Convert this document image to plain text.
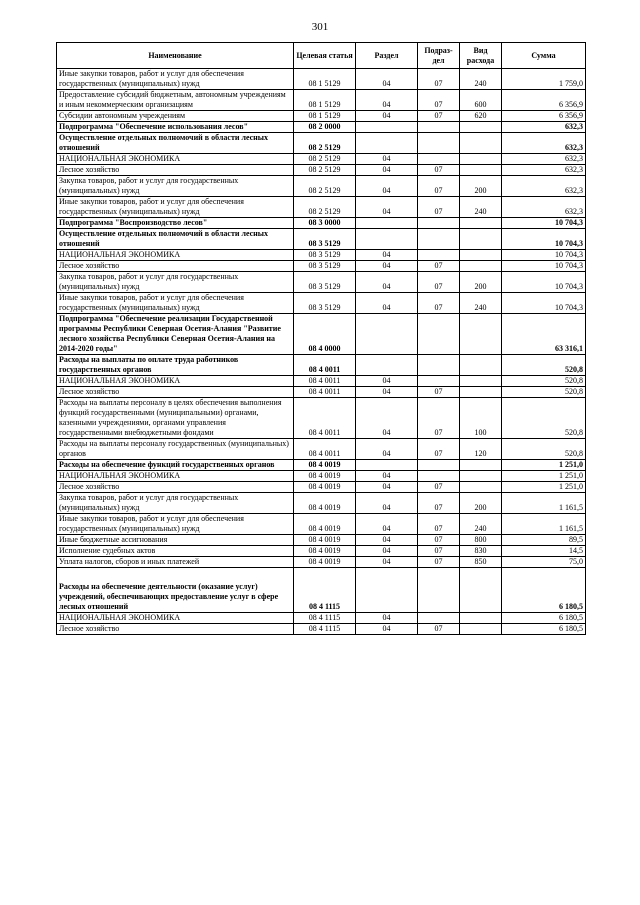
301
Наименование	Целевая статья	Раздел	Подраз-дел	Вид расхода	Сумма
Иные закупки товаров, работ и услуг для обеспечения государственных (муниципальных) нужд	08 1 5129	04	07	240	1 759,0
Предоставление субсидий бюджетным, автономным учреждениям и иным некоммерческим организациям	08 1 5129	04	07	600	6 356,9
Субсидии автономным учреждениям	08 1 5129	04	07	620	6 356,9
Подпрограмма "Обеспечение использования лесов"	08 2 0000				632,3
Осуществление отдельных полномочий в области лесных отношений	08 2 5129				632,3
НАЦИОНАЛЬНАЯ ЭКОНОМИКА	08 2 5129	04			632,3
Лесное хозяйство	08 2 5129	04	07		632,3
Закупка товаров, работ и услуг для государственных (муниципальных) нужд	08 2 5129	04	07	200	632,3
Иные закупки товаров, работ и услуг для обеспечения государственных (муниципальных) нужд	08 2 5129	04	07	240	632,3
Подпрограмма "Воспроизводство лесов"	08 3 0000				10 704,3
Осуществление отдельных полномочий в области лесных отношений	08 3 5129				10 704,3
НАЦИОНАЛЬНАЯ ЭКОНОМИКА	08 3 5129	04			10 704,3
Лесное хозяйство	08 3 5129	04	07		10 704,3
Закупка товаров, работ и услуг для государственных (муниципальных) нужд	08 3 5129	04	07	200	10 704,3
Иные закупки товаров, работ и услуг для обеспечения государственных (муниципальных) нужд	08 3 5129	04	07	240	10 704,3
Подпрограмма "Обеспечение реализации Государственной программы Республики Северная Осетия-Алания "Развитие лесного хозяйства Республики Северная Осетия-Алания на 2014-2020 годы"	08 4 0000				63 316,1
Расходы на выплаты по оплате труда работников государственных органов	08 4 0011				520,8
НАЦИОНАЛЬНАЯ ЭКОНОМИКА	08 4 0011	04			520,8
Лесное хозяйство	08 4 0011	04	07		520,8
Расходы на выплаты персоналу в целях обеспечения выполнения функций государственными (муниципальными) органами, казенными учреждениями, органами управления государственными внебюджетными фондами	08 4 0011	04	07	100	520,8
Расходы на выплаты персоналу государственных (муниципальных) органов	08 4 0011	04	07	120	520,8
Расходы на обеспечение функций государственных органов	08 4 0019				1 251,0
НАЦИОНАЛЬНАЯ ЭКОНОМИКА	08 4 0019	04			1 251,0
Лесное хозяйство	08 4 0019	04	07		1 251,0
Закупка товаров, работ и услуг для государственных (муниципальных) нужд	08 4 0019	04	07	200	1 161,5
Иные закупки товаров, работ и услуг для обеспечения государственных (муниципальных) нужд	08 4 0019	04	07	240	1 161,5
Иные бюджетные ассигнования	08 4 0019	04	07	800	89,5
Исполнение судебных актов	08 4 0019	04	07	830	14,5
Уплата налогов, сборов и иных платежей	08 4 0019	04	07	850	75,0
Расходы на обеспечение деятельности (оказание услуг) учреждений, обеспечивающих предоставление услуг в сфере лесных отношений	08 4 1115				6 180,5
НАЦИОНАЛЬНАЯ ЭКОНОМИКА	08 4 1115	04			6 180,5
Лесное хозяйство	08 4 1115	04	07		6 180,5
